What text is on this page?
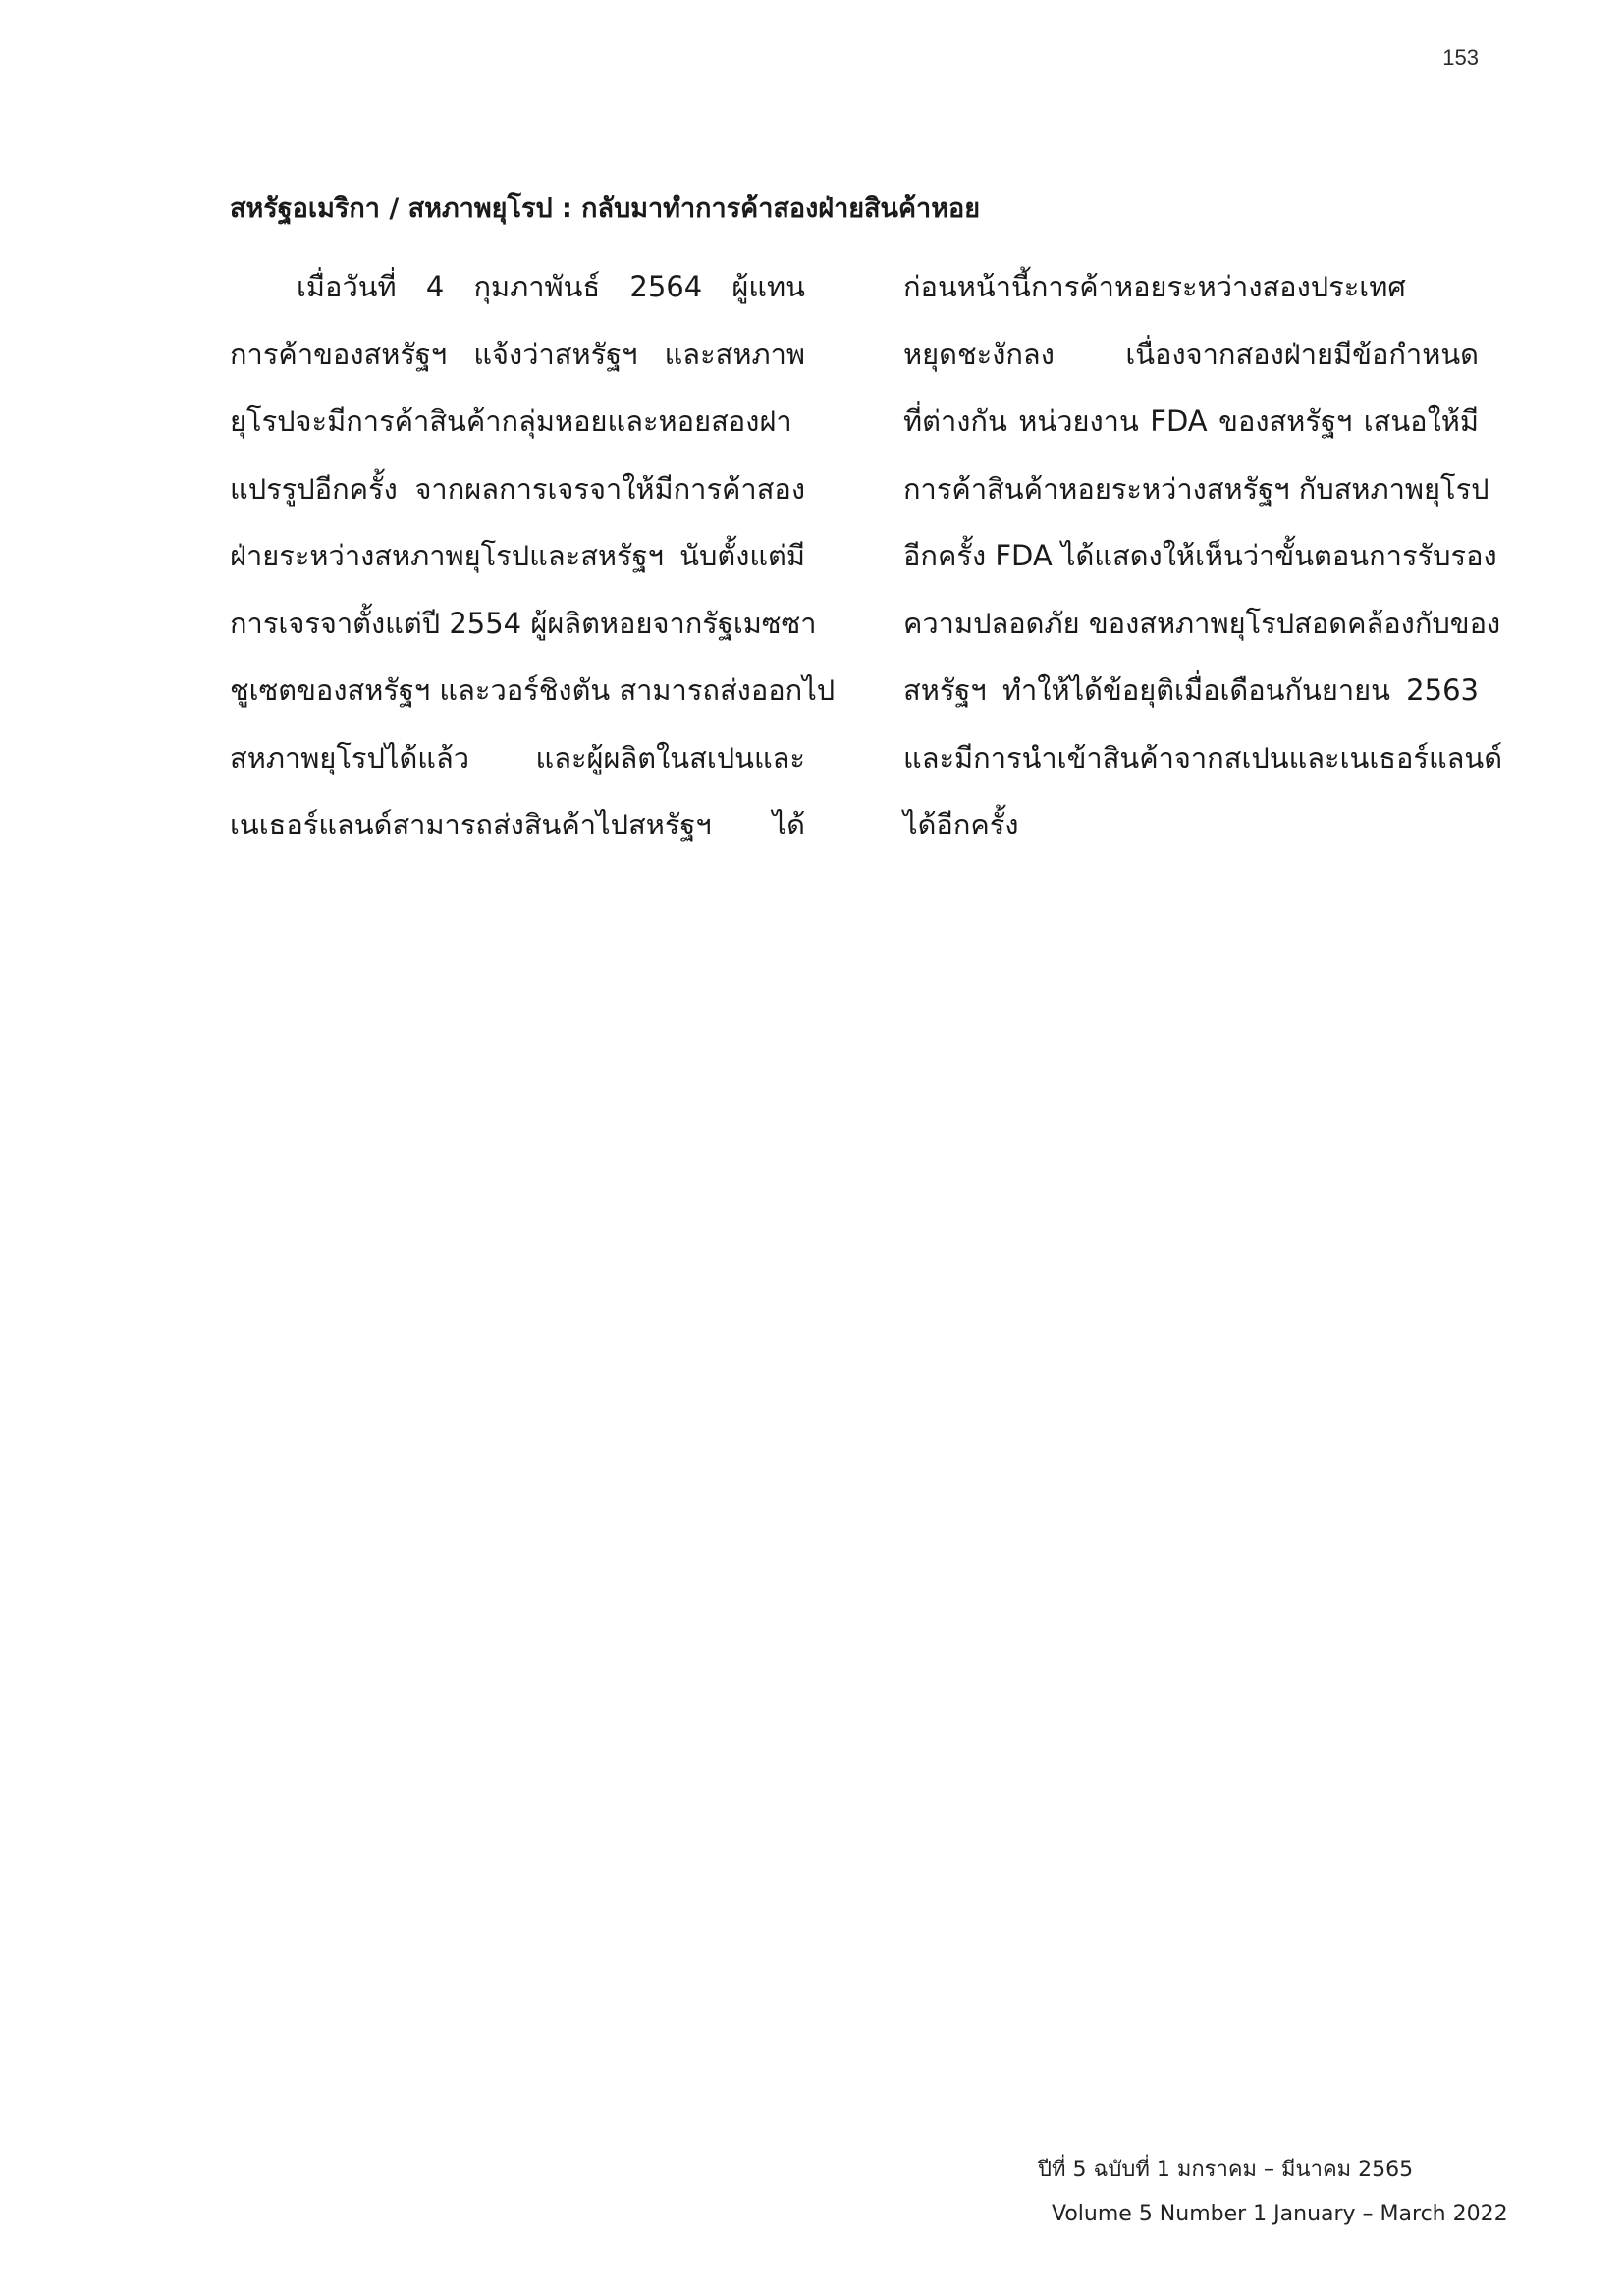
153
สหรัฐอเมริกา / สหภาพยุโรป : กลับมาทำการค้าสองฝ่ายสินค้าหอย
เมื่อวันที่ 4 กุมภาพันธ์ 2564 ผู้แทน
การค้าของสหรัฐฯ แจ้งว่าสหรัฐฯ และสหภาพ
ยุโรปจะมีการค้าสินค้ากลุ่มหอยและหอยสองฝา
แปรรูปอีกครั้ง จากผลการเจรจาให้มีการค้าสอง
ฝ่ายระหว่างสหภาพยุโรปและสหรัฐฯ นับตั้งแต่มี
การเจรจาตั้งแต่ปี 2554 ผู้ผลิตหอยจากรัฐเมซซา
ชูเซตของสหรัฐฯ และวอร์ชิงตัน สามารถส่งออกไป
สหภาพยุโรปได้แล้ว และผู้ผลิตในสเปนและ
เนเธอร์แลนด์สามารถส่งสินค้าไปสหรัฐฯ ได้
ก่อนหน้านี้การค้าหอยระหว่างสองประเทศ
หยุดชะงักลง เนื่องจากสองฝ่ายมีข้อกำหนด
ที่ต่างกัน หน่วยงาน FDA ของสหรัฐฯ เสนอให้มี
การค้าสินค้าหอยระหว่างสหรัฐฯ กับสหภาพยุโรป
อีกครั้ง FDA ได้แสดงให้เห็นว่าขั้นตอนการรับรอง
ความปลอดภัย ของสหภาพยุโรปสอดคล้องกับของ
สหรัฐฯ ทำให้ได้ข้อยุติเมื่อเดือนกันยายน 2563
และมีการนำเข้าสินค้าจากสเปนและเนเธอร์แลนด์
ได้อีกครั้ง
ปีที่ 5 ฉบับที่ 1 มกราคม – มีนาคม 2565
Volume 5 Number 1 January – March 2022
